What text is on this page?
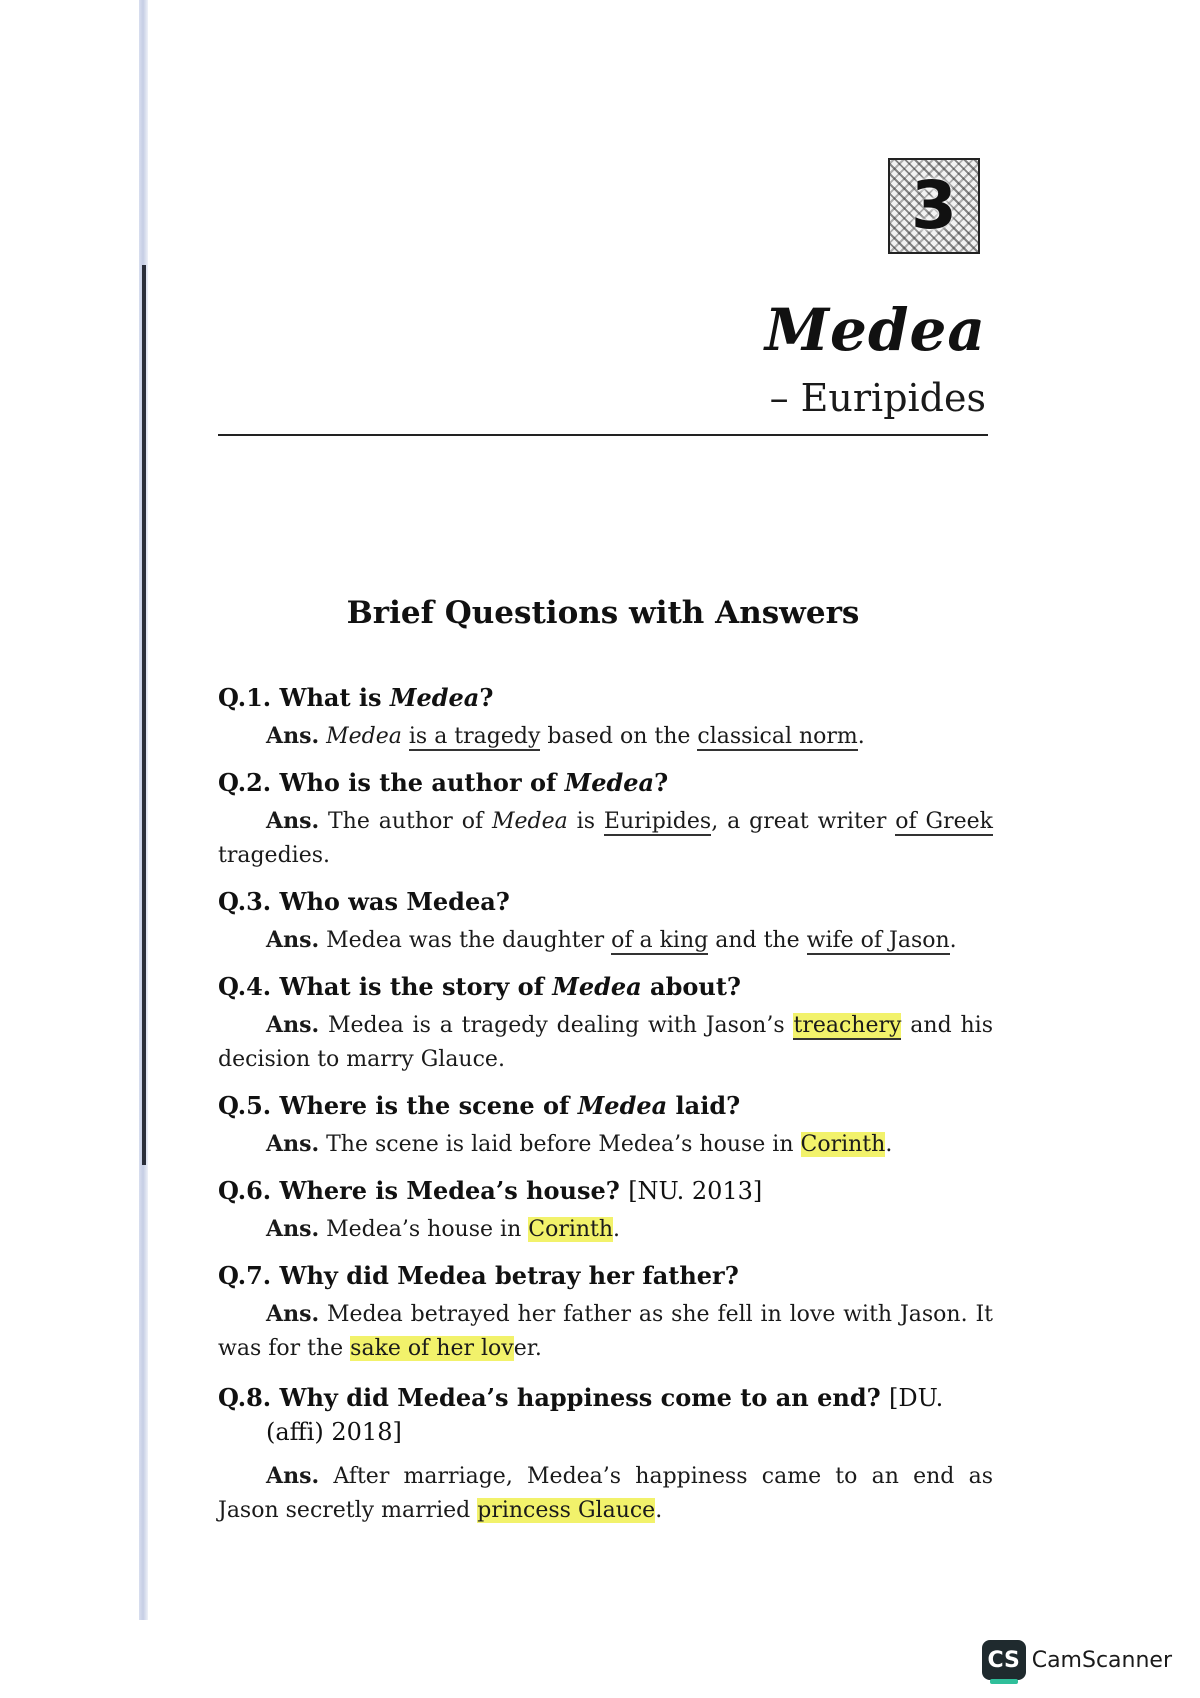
3
Medea
– Euripides
Brief Questions with Answers
Q.1. What is Medea?
Ans. Medea is a tragedy based on the classical norm.
Q.2. Who is the author of Medea?
Ans. The author of Medea is Euripides, a great writer of Greek tragedies.
Q.3. Who was Medea?
Ans. Medea was the daughter of a king and the wife of Jason.
Q.4. What is the story of Medea about?
Ans. Medea is a tragedy dealing with Jason’s treachery and his decision to marry Glauce.
Q.5. Where is the scene of Medea laid?
Ans. The scene is laid before Medea’s house in Corinth.
Q.6. Where is Medea’s house? [NU. 2013]
Ans. Medea’s house in Corinth.
Q.7. Why did Medea betray her father?
Ans. Medea betrayed her father as she fell in love with Jason. It was for the sake of her lover.
Q.8. Why did Medea’s happiness come to an end? [DU. (affi) 2018]
Ans. After marriage, Medea’s happiness came to an end as Jason secretly married princess Glauce.
CS CamScanner
